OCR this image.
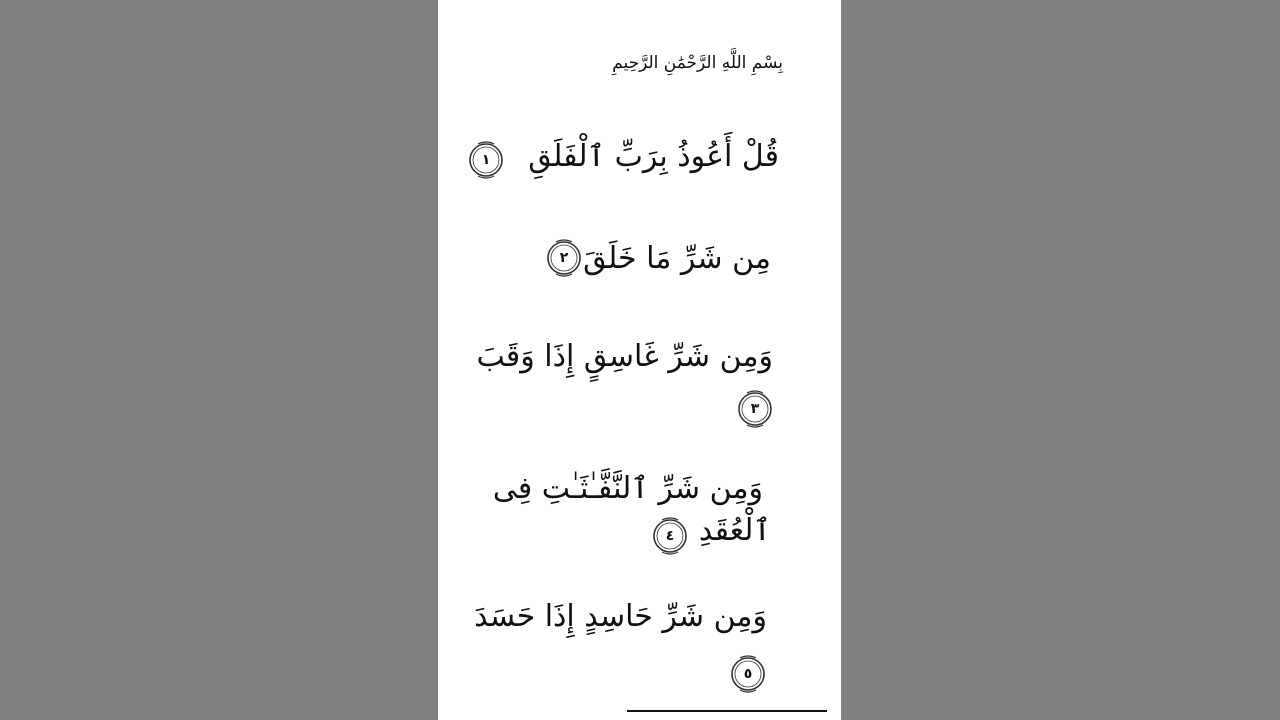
بِسْمِ اللَّهِ الرَّحْمَٰنِ الرَّحِيمِ
قُلْ أَعُوذُ بِرَبِّ ٱلْفَلَقِ
١
مِن شَرِّ مَا خَلَقَ
٢
وَمِن شَرِّ غَاسِقٍ إِذَا وَقَبَ
٣
وَمِن شَرِّ ٱلنَّفَّـٰثَـٰتِ فِى
ٱلْعُقَدِ
٤
وَمِن شَرِّ حَاسِدٍ إِذَا حَسَدَ
٥
